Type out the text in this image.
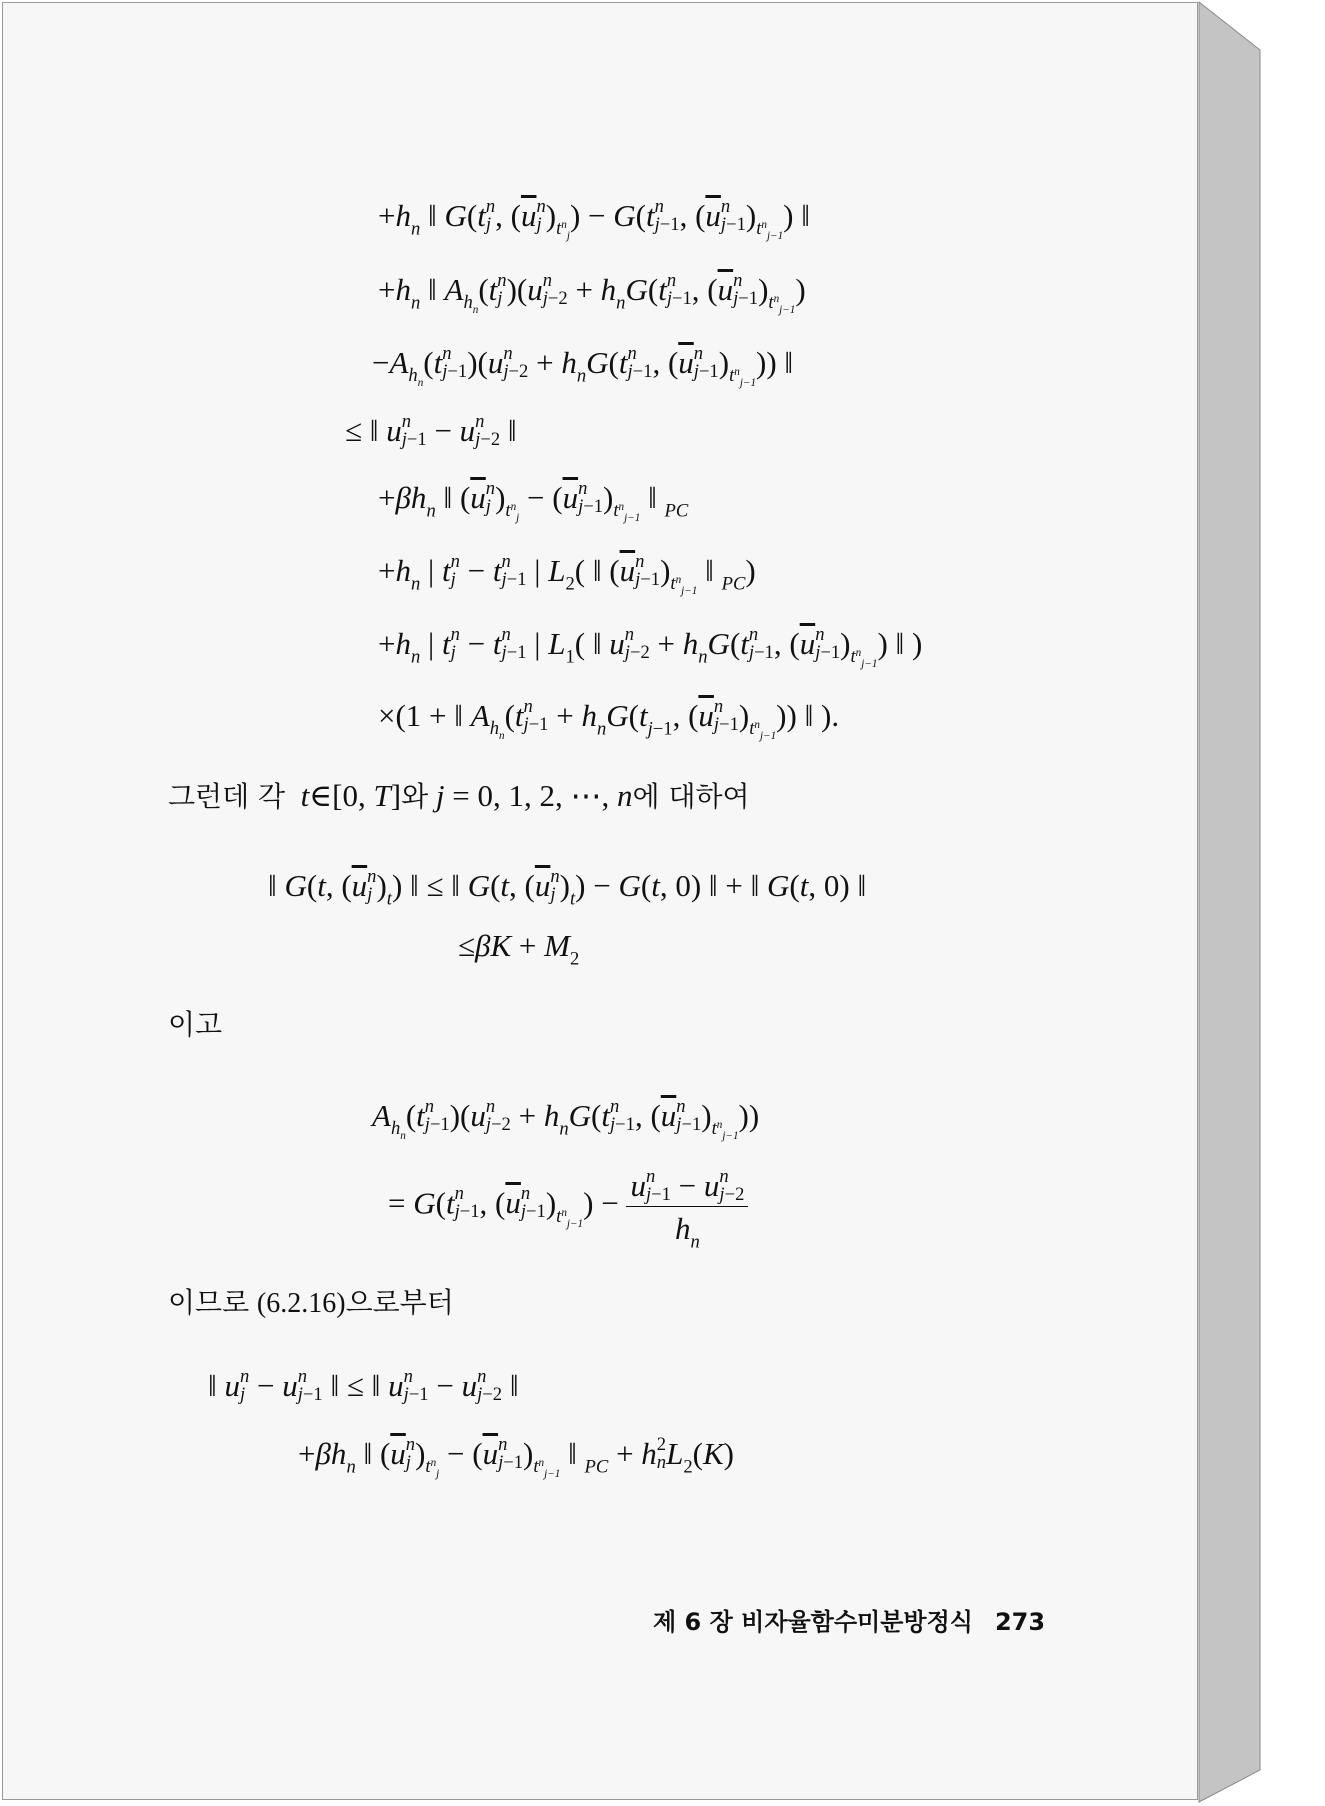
$+h_n$ ‖ G(t n
j , (u n
j )$_{t^n_j}) - G(t$ n
j−1 , (u n
j−1 )$_{t^n_{j-1}}$) ‖
$+h_n$ ‖ $A_{h_n}(t$ n
j )(u n
$j-2 + h_nG(t$ n
j−1 , (u n
j−1 )$_{t^n_{j-1}}$)
$-A_{h_n}(t$ n
j−1 )(u n
$j-2 + h_nG(t$ n
j−1 , (u n
j−1 )$_{t^n_{j-1}}$)) ‖
≤ ‖ u n
j−1 − u n
j−2 ‖
$+\beta h_n$ ‖ (u n
j )$_{t^n_j} - (u$ n
j−1 )$_{t^n_{j-1}}$ ‖ $_{PC}$
$+h_n$ | t n
j − t n
j−1 | $L_2$( ‖ (u n
j−1 )$_{t^n_{j-1}}$ ‖ $_{PC}$)
$+h_n$ | t n
j − t n
j−1 | $L_1$( ‖ u n
$j-2 + h_nG(t$ n
j−1 , (u n
j−1 )$_{t^n_{j-1}}$) ‖ )
×(1 + ‖ $A_{h_n}(t$ n
$j-1 + h_nG(t_{j-1}$, (u n
j−1 )$_{t^n_{j-1}}$)) ‖ ).
그런데 각 t∈[0, T]와 j = 0, 1, 2, ⋯, n에 대하여
‖ G(t, (u n
j )$_t$) ‖ ≤ ‖ G(t, (u n
j )$_t) - G(t$, 0) ‖ + ‖ G(t, 0) ‖
$\le\beta K + M_2$
이고
$A_{h_n}(t$ n
j−1 )(u n
$j-2 + h_nG(t$ n
j−1 , (u n
j−1 )$_{t^n_{j-1}}$))
= G(t n
j−1 , (u n
j−1 )$_{t^n_{j-1}}) - u$ n
j−1 − u n
j−2
$h_n$
이므로 (6.2.16)으로부터
‖ u n
j − u n
j−1 ‖ ≤ ‖ u n
j−1 − u n
j−2 ‖
$+\beta h_n$ ‖ (u n
j )$_{t^n_j} - (u$ n
j−1 )$_{t^n_{j-1}}$ ‖ $_{PC}$ + h 2
n $L_2(K)$
제 6 장 비자율함수미분방정식 273
